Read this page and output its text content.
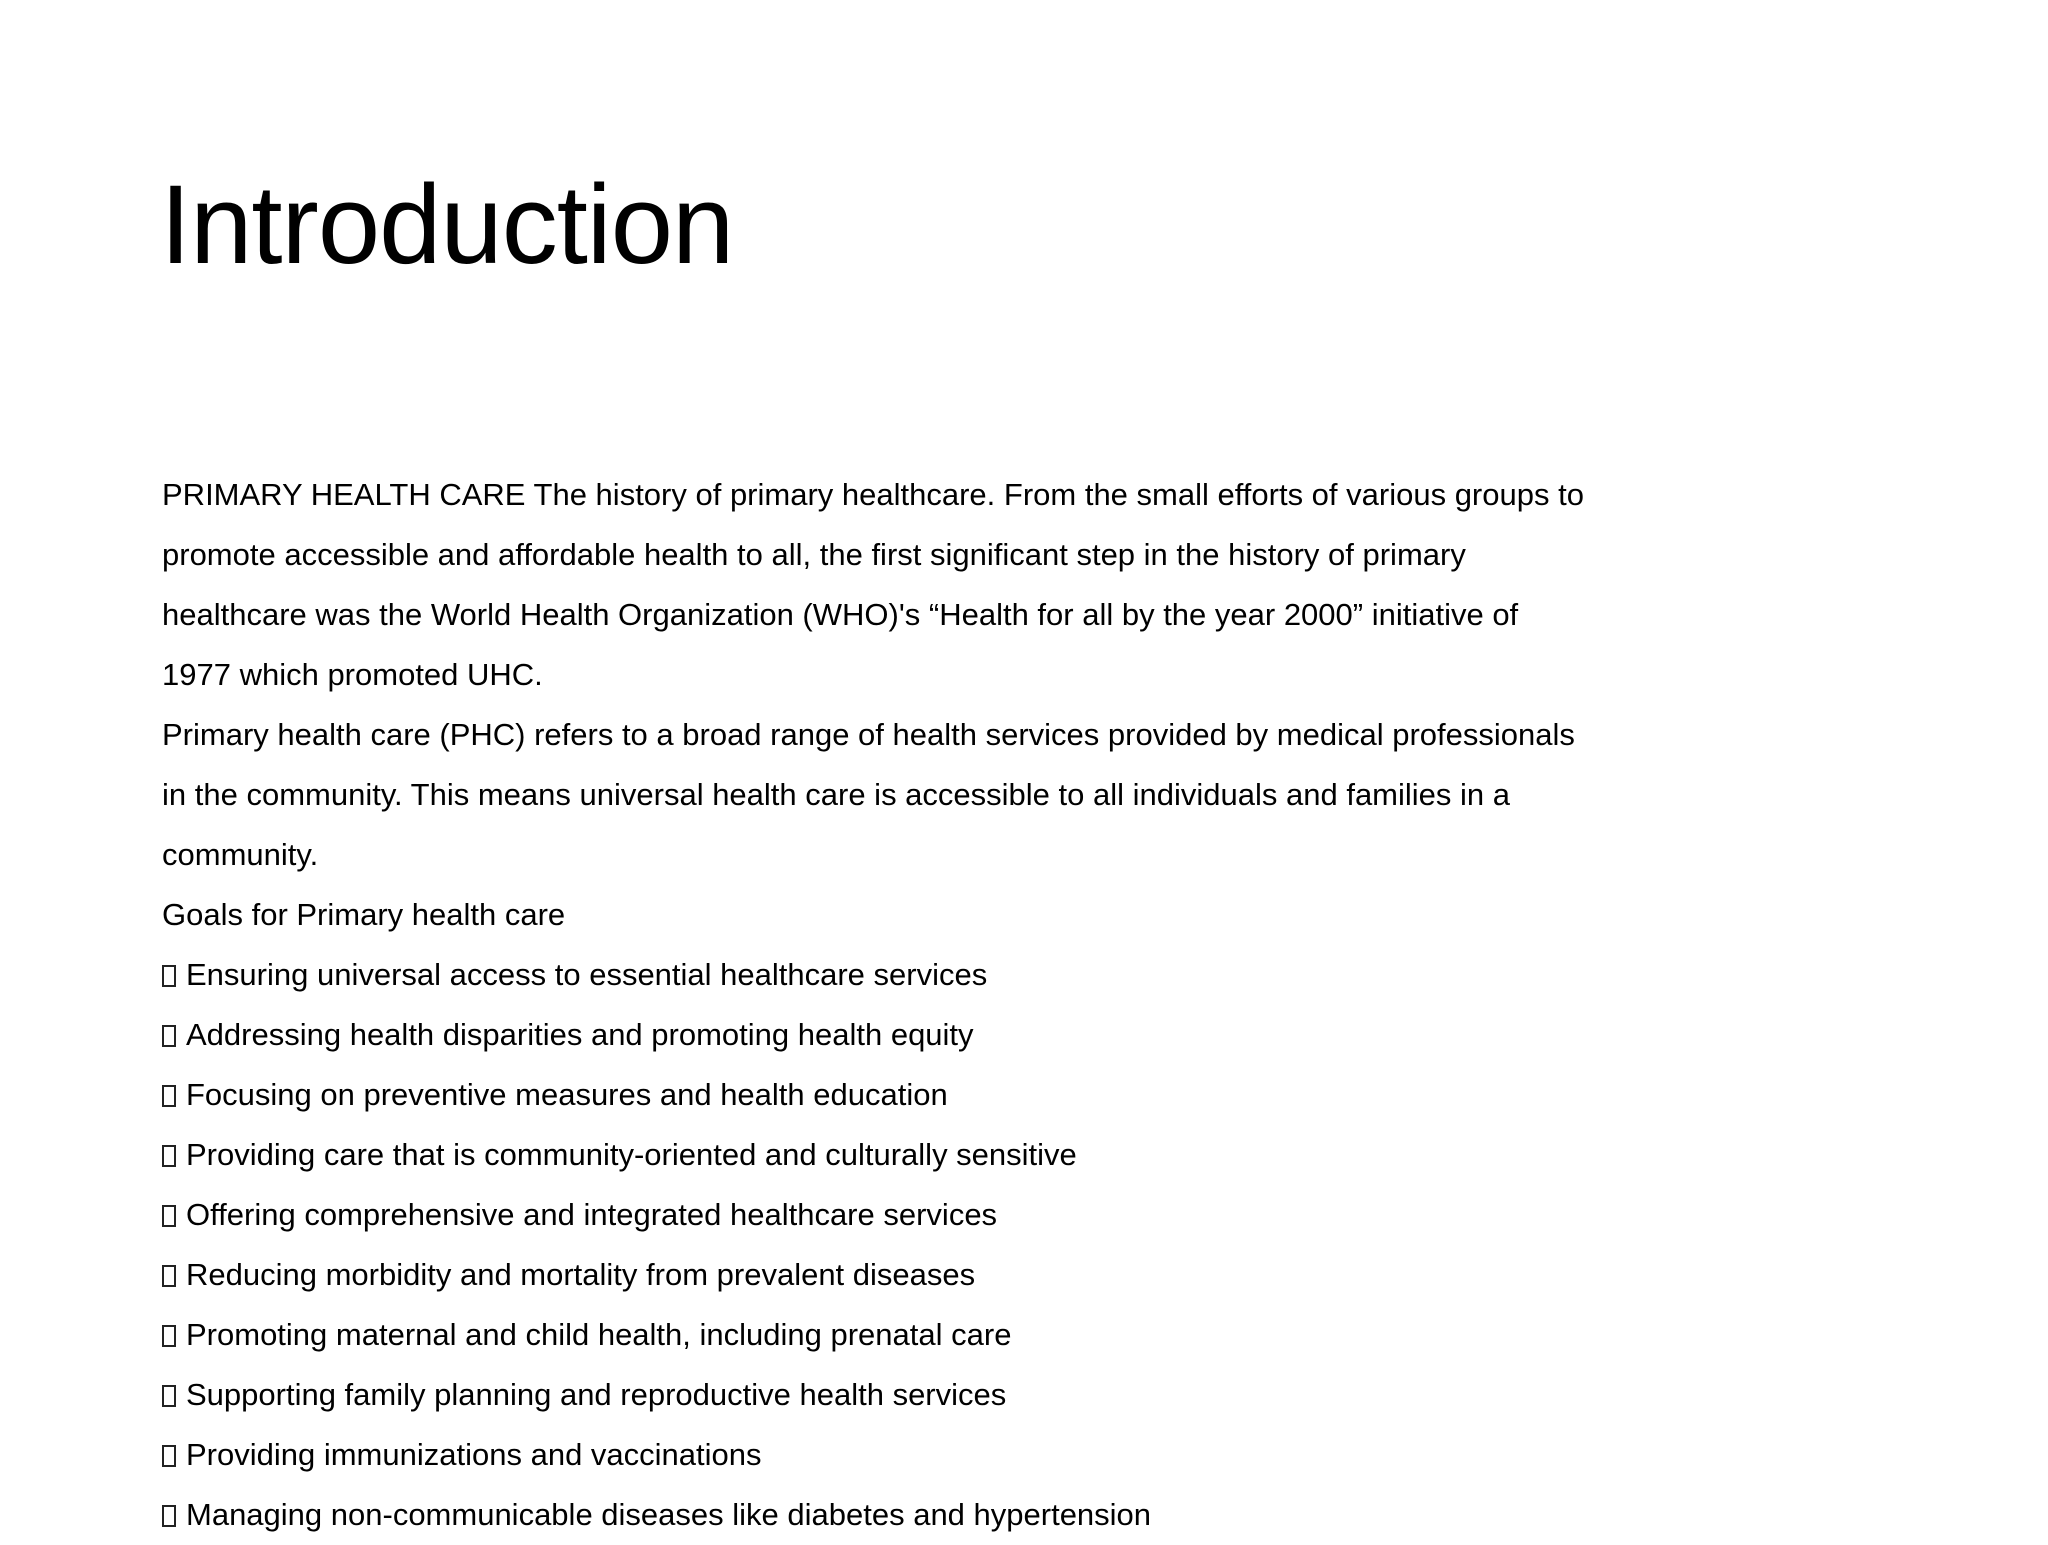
Introduction
PRIMARY HEALTH CARE The history of primary healthcare. From the small efforts of various groups to
promote accessible and affordable health to all, the first significant step in the history of primary
healthcare was the World Health Organization (WHO)'s “Health for all by the year 2000” initiative of
1977 which promoted UHC.
Primary health care (PHC) refers to a broad range of health services provided by medical professionals
in the community. This means universal health care is accessible to all individuals and families in a
community.
Goals for Primary health care
Ensuring universal access to essential healthcare services
Addressing health disparities and promoting health equity
Focusing on preventive measures and health education
Providing care that is community-oriented and culturally sensitive
Offering comprehensive and integrated healthcare services
Reducing morbidity and mortality from prevalent diseases
Promoting maternal and child health, including prenatal care
Supporting family planning and reproductive health services
Providing immunizations and vaccinations
Managing non-communicable diseases like diabetes and hypertension
